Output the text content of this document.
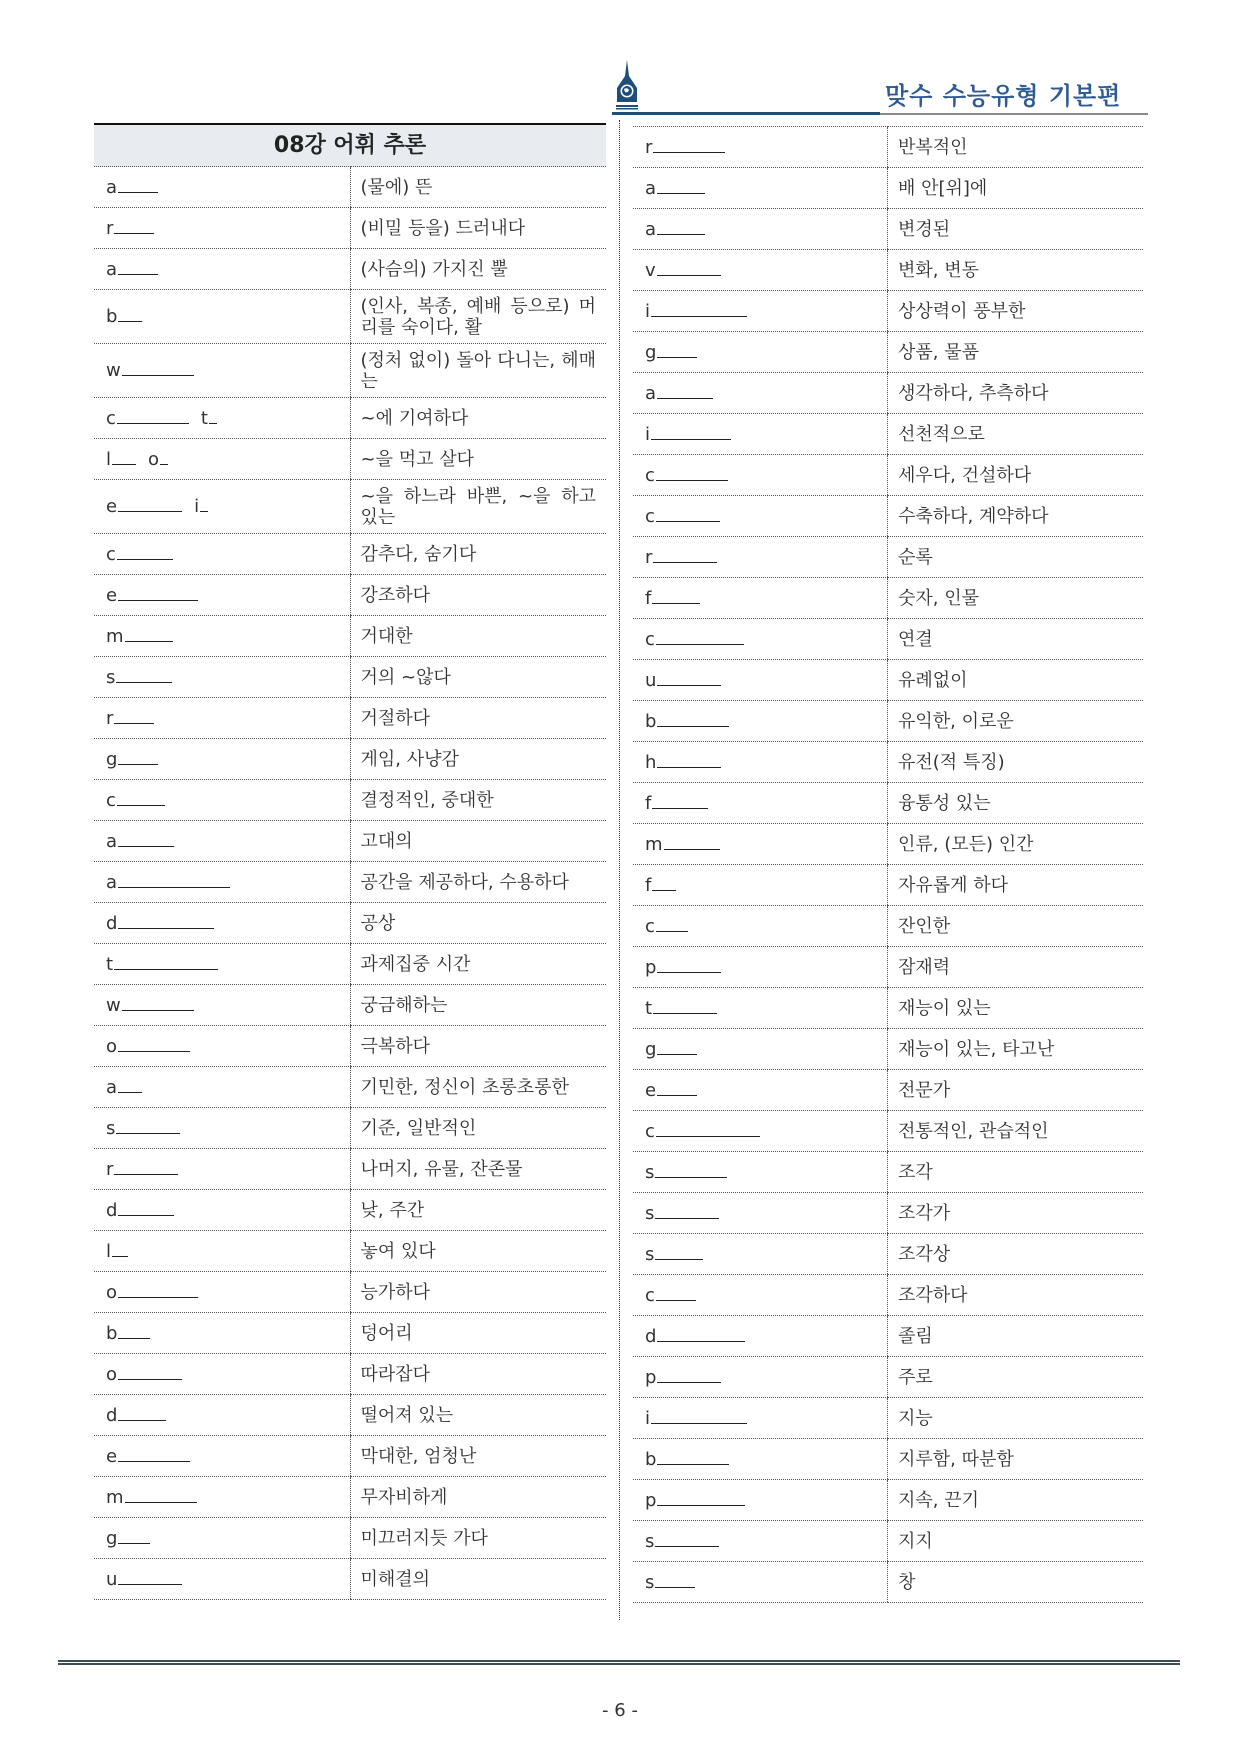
맞수 수능유형 기본편
08강 어휘 추론	
a	(물에) 뜬
r	(비밀 등을) 드러내다
a	(사슴의) 가지진 뿔
b	(인사, 복종, 예배 등으로) 머리를 숙이다, 활
w	(정처 없이) 돌아 다니는, 헤매는
c t	~에 기여하다
l o	~을 먹고 살다
e i	~을 하느라 바쁜, ~을 하고 있는
c	감추다, 숨기다
e	강조하다
m	거대한
s	거의 ~않다
r	거절하다
g	게임, 사냥감
c	결정적인, 중대한
a	고대의
a	공간을 제공하다, 수용하다
d	공상
t	과제집중 시간
w	궁금해하는
o	극복하다
a	기민한, 정신이 초롱초롱한
s	기준, 일반적인
r	나머지, 유물, 잔존물
d	낮, 주간
l	놓여 있다
o	능가하다
b	덩어리
o	따라잡다
d	떨어져 있는
e	막대한, 엄청난
m	무자비하게
g	미끄러지듯 가다
u	미해결의
r	반복적인
a	배 안[위]에
a	변경된
v	변화, 변동
i	상상력이 풍부한
g	상품, 물품
a	생각하다, 추측하다
i	선천적으로
c	세우다, 건설하다
c	수축하다, 계약하다
r	순록
f	숫자, 인물
c	연결
u	유례없이
b	유익한, 이로운
h	유전(적 특징)
f	융통성 있는
m	인류, (모든) 인간
f	자유롭게 하다
c	잔인한
p	잠재력
t	재능이 있는
g	재능이 있는, 타고난
e	전문가
c	전통적인, 관습적인
s	조각
s	조각가
s	조각상
c	조각하다
d	졸림
p	주로
i	지능
b	지루함, 따분함
p	지속, 끈기
s	지지
s	창
- 6 -
